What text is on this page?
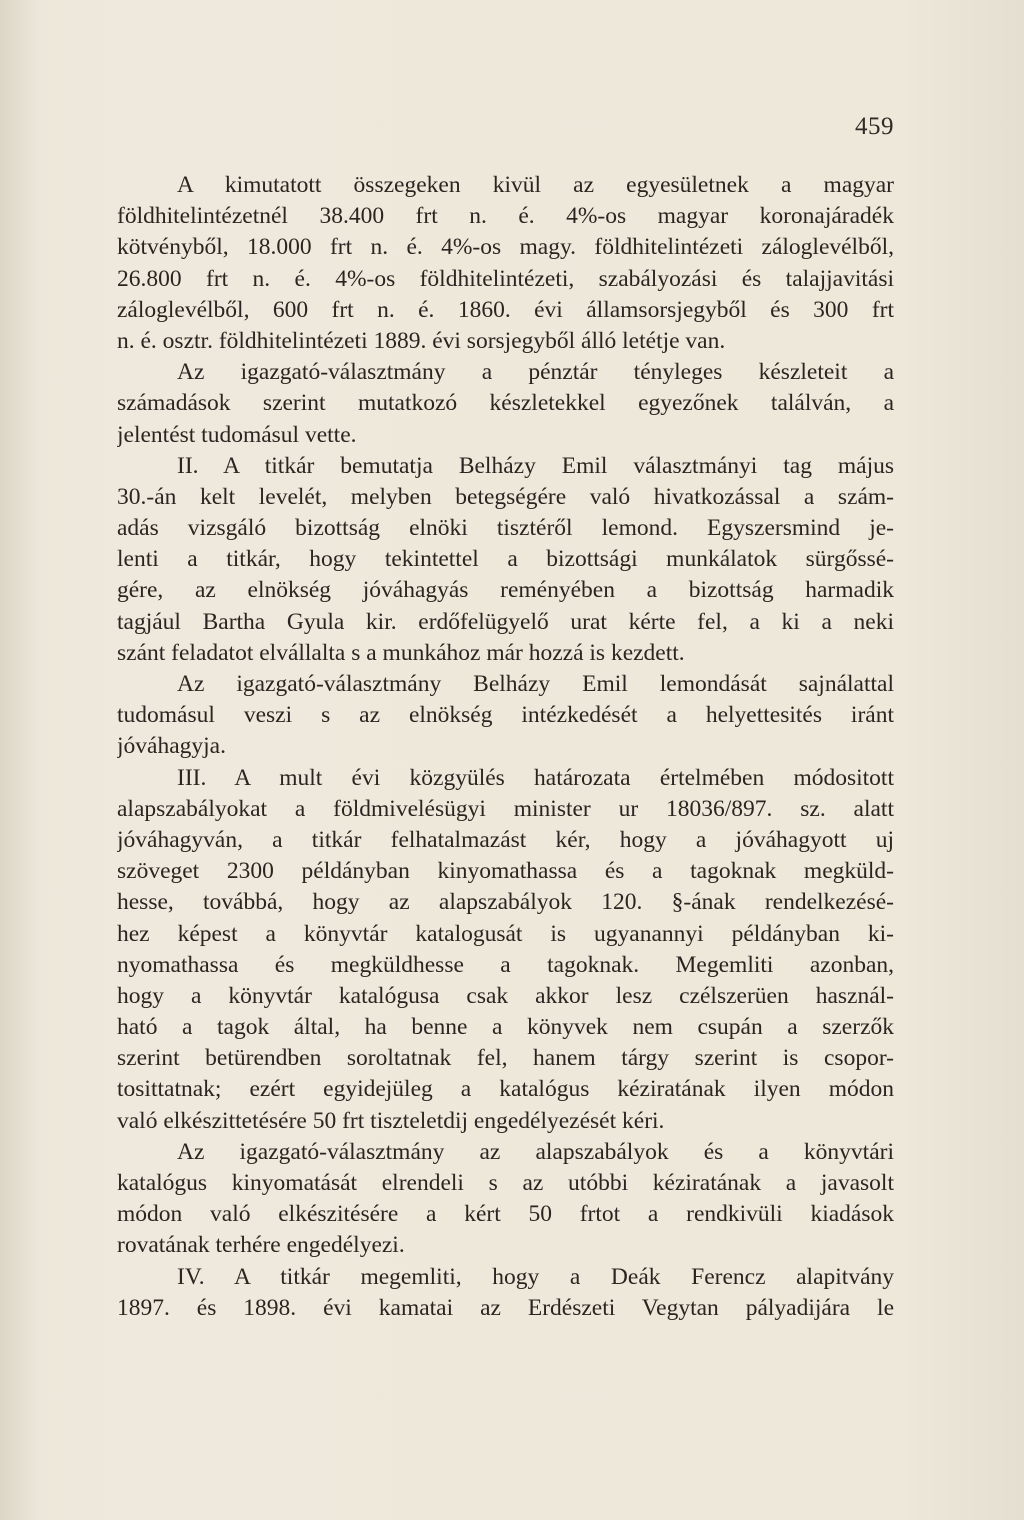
459
A kimutatott összegeken kivül az egyesületnek a magyar
földhitelintézetnél 38.400 frt n. é. 4%-os magyar koronajáradék
kötvényből, 18.000 frt n. é. 4%-os magy. földhitelintézeti záloglevélből,
26.800 frt n. é. 4%-os földhitelintézeti, szabályozási és talajjavitási
záloglevélből, 600 frt n. é. 1860. évi államsorsjegyből és 300 frt
n. é. osztr. földhitelintézeti 1889. évi sorsjegyből álló letétje van.
Az igazgató-választmány a pénztár tényleges készleteit a
számadások szerint mutatkozó készletekkel egyezőnek találván, a
jelentést tudomásul vette.
II. A titkár bemutatja Belházy Emil választmányi tag május
30.-án kelt levelét, melyben betegségére való hivatkozással a szám-
adás vizsgáló bizottság elnöki tisztéről lemond. Egyszersmind je-
lenti a titkár, hogy tekintettel a bizottsági munkálatok sürgőssé-
gére, az elnökség jóváhagyás reményében a bizottság harmadik
tagjául Bartha Gyula kir. erdőfelügyelő urat kérte fel, a ki a neki
szánt feladatot elvállalta s a munkához már hozzá is kezdett.
Az igazgató-választmány Belházy Emil lemondását sajnálattal
tudomásul veszi s az elnökség intézkedését a helyettesités iránt
jóváhagyja.
III. A mult évi közgyülés határozata értelmében módositott
alapszabályokat a földmivelésügyi minister ur 18036/897. sz. alatt
jóváhagyván, a titkár felhatalmazást kér, hogy a jóváhagyott uj
szöveget 2300 példányban kinyomathassa és a tagoknak megküld-
hesse, továbbá, hogy az alapszabályok 120. §-ának rendelkezésé-
hez képest a könyvtár katalogusát is ugyanannyi példányban ki-
nyomathassa és megküldhesse a tagoknak. Megemliti azonban,
hogy a könyvtár katalógusa csak akkor lesz czélszerüen használ-
ható a tagok által, ha benne a könyvek nem csupán a szerzők
szerint betürendben soroltatnak fel, hanem tárgy szerint is csopor-
tosittatnak; ezért egyidejüleg a katalógus kéziratának ilyen módon
való elkészittetésére 50 frt tiszteletdij engedélyezését kéri.
Az igazgató-választmány az alapszabályok és a könyvtári
katalógus kinyomatását elrendeli s az utóbbi kéziratának a javasolt
módon való elkészitésére a kért 50 frtot a rendkivüli kiadások
rovatának terhére engedélyezi.
IV. A titkár megemliti, hogy a Deák Ferencz alapitvány
1897. és 1898. évi kamatai az Erdészeti Vegytan pályadijára le
